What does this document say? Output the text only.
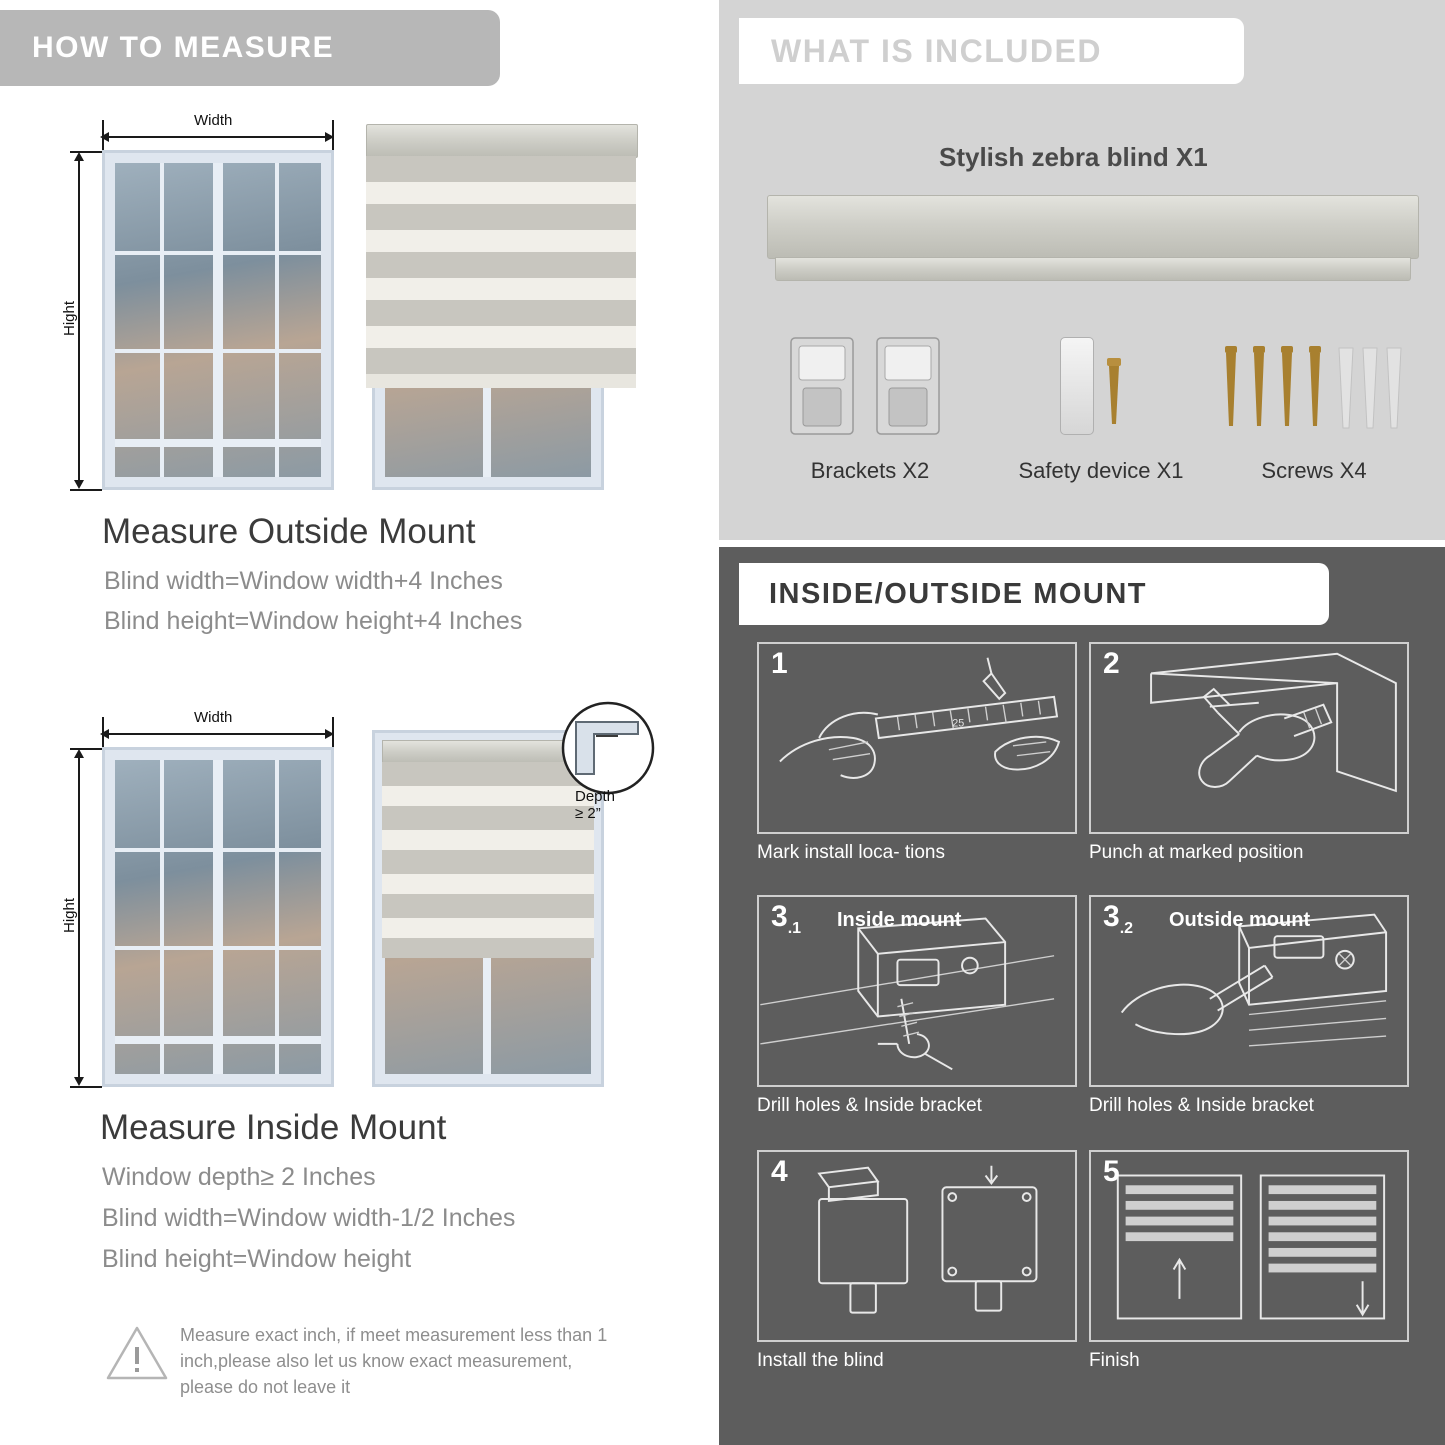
HOW TO MEASURE
Width
Hight
Measure Outside Mount
Blind width=Window width+4 Inches
Blind height=Window height+4 Inches
Width
Hight
Depth ≥ 2”
Measure Inside Mount
Window depth≥ 2 Inches
Blind width=Window width-1/2 Inches
Blind height=Window height
Measure exact inch, if meet measurement less than 1 inch,please also let us know exact measurement, please do not leave it
WHAT IS INCLUDED
Stylish zebra blind X1
Brackets X2	Safety device X1	Screws X4
INSIDE/OUTSIDE MOUNT
25
1
Mark install loca- tions
2
Punch at marked position
$3_{.1}$ Inside mount
Drill holes & Inside bracket
$3_{.2}$ Outside mount
Drill holes & Inside bracket
4
Install the blind
5
Finish
